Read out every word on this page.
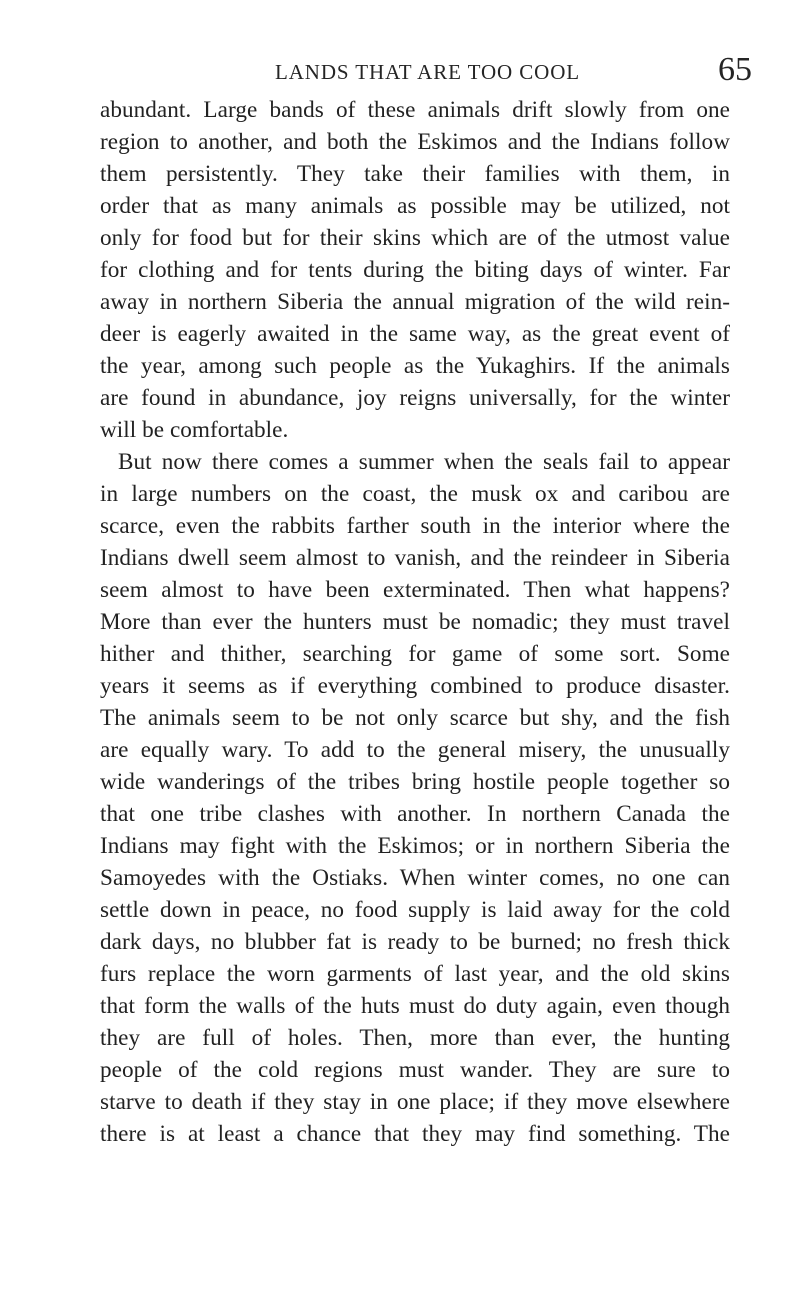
LANDS THAT ARE TOO COOL	65
abundant. Large bands of these animals drift slowly from one
region to another, and both the Eskimos and the Indians follow
them persistently. They take their families with them, in
order that as many animals as possible may be utilized, not
only for food but for their skins which are of the utmost value
for clothing and for tents during the biting days of winter. Far
away in northern Siberia the annual migration of the wild rein-
deer is eagerly awaited in the same way, as the great event of
the year, among such people as the Yukaghirs. If the animals
are found in abundance, joy reigns universally, for the winter
will be comfortable.
But now there comes a summer when the seals fail to appear
in large numbers on the coast, the musk ox and caribou are
scarce, even the rabbits farther south in the interior where the
Indians dwell seem almost to vanish, and the reindeer in Siberia
seem almost to have been exterminated. Then what happens?
More than ever the hunters must be nomadic; they must travel
hither and thither, searching for game of some sort. Some
years it seems as if everything combined to produce disaster.
The animals seem to be not only scarce but shy, and the fish
are equally wary. To add to the general misery, the unusually
wide wanderings of the tribes bring hostile people together so
that one tribe clashes with another. In northern Canada the
Indians may fight with the Eskimos; or in northern Siberia the
Samoyedes with the Ostiaks. When winter comes, no one can
settle down in peace, no food supply is laid away for the cold
dark days, no blubber fat is ready to be burned; no fresh thick
furs replace the worn garments of last year, and the old skins
that form the walls of the huts must do duty again, even though
they are full of holes. Then, more than ever, the hunting
people of the cold regions must wander. They are sure to
starve to death if they stay in one place; if they move elsewhere
there is at least a chance that they may find something. The
